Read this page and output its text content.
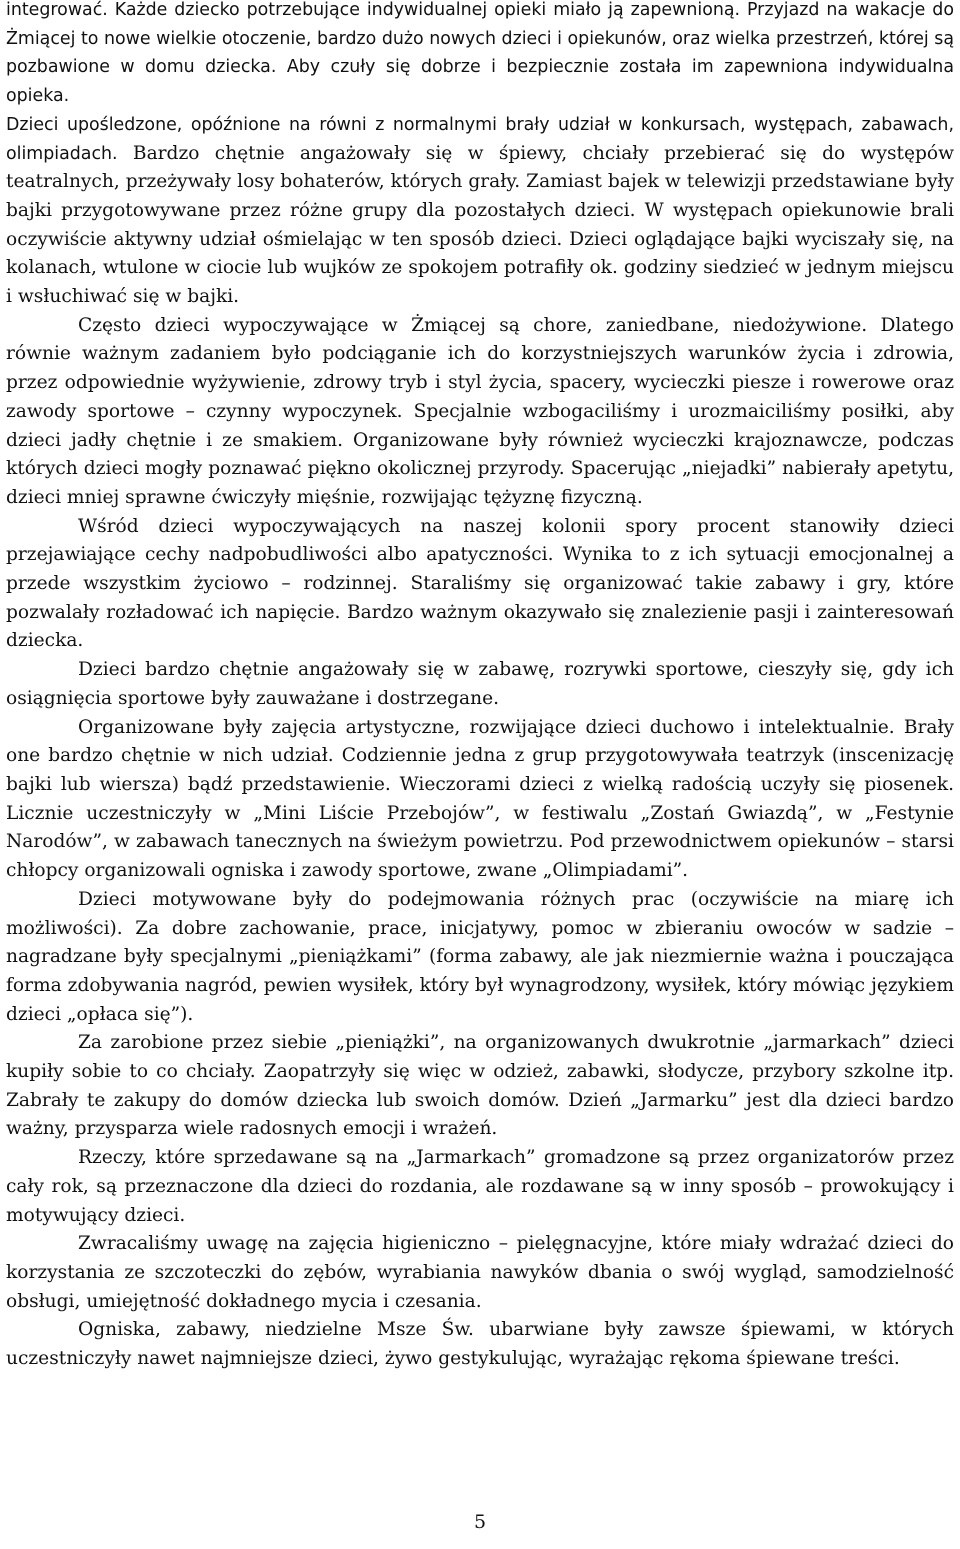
integrować. Każde dziecko potrzebujące indywidualnej opieki miało ją zapewnioną. Przyjazd na wakacje do Żmiącej to nowe wielkie otoczenie, bardzo dużo nowych dzieci i opiekunów, oraz wielka przestrzeń, której są pozbawione w domu dziecka. Aby czuły się dobrze i bezpiecznie została im zapewniona indywidualna opieka.

Dzieci upośledzone, opóźnione na równi z normalnymi brały udział w konkursach, występach, zabawach, olimpiadach. Bardzo chętnie angażowały się w śpiewy, chciały przebierać się do występów teatralnych, przeżywały losy bohaterów, których grały. Zamiast bajek w telewizji przedstawiane były bajki przygotowywane przez różne grupy dla pozostałych dzieci. W występach opiekunowie brali oczywiście aktywny udział ośmielając w ten sposób dzieci. Dzieci oglądające bajki wyciszały się, na kolanach, wtulone w ciocie lub wujków ze spokojem potrafiły ok. godziny siedzieć w jednym miejscu i wsłuchiwać się w bajki.

Często dzieci wypoczywające w Żmiącej są chore, zaniedbane, niedożywione. Dlatego równie ważnym zadaniem było podciąganie ich do korzystniejszych warunków życia i zdrowia, przez odpowiednie wyżywienie, zdrowy tryb i styl życia, spacery, wycieczki piesze i rowerowe oraz zawody sportowe – czynny wypoczynek. Specjalnie wzbogaciliśmy i urozmaiciliśmy posiłki, aby dzieci jadły chętnie i ze smakiem. Organizowane były również wycieczki krajoznawcze, podczas których dzieci mogły poznawać piękno okolicznej przyrody. Spacerując „niejadki” nabierały apetytu, dzieci mniej sprawne ćwiczyły mięśnie, rozwijając tężyznę fizyczną.

Wśród dzieci wypoczywających na naszej kolonii spory procent stanowiły dzieci przejawiające cechy nadpobudliwości albo apatyczności. Wynika to z ich sytuacji emocjonalnej a przede wszystkim życiowo – rodzinnej. Staraliśmy się organizować takie zabawy i gry, które pozwalały rozładować ich napięcie. Bardzo ważnym okazywało się znalezienie pasji i zainteresowań dziecka.

Dzieci bardzo chętnie angażowały się w zabawę, rozrywki sportowe, cieszyły się, gdy ich osiągnięcia sportowe były zauważane i dostrzegane.

Organizowane były zajęcia artystyczne, rozwijające dzieci duchowo i intelektualnie. Brały one bardzo chętnie w nich udział. Codziennie jedna z grup przygotowywała teatrzyk (inscenizację bajki lub wiersza) bądź przedstawienie. Wieczorami dzieci z wielką radością uczyły się piosenek. Licznie uczestniczyły w „Mini Liście Przebojów”, w festiwalu „Zostań Gwiazdą”, w „Festynie Narodów”, w zabawach tanecznych na świeżym powietrzu. Pod przewodnictwem opiekunów – starsi chłopcy organizowali ogniska i zawody sportowe, zwane „Olimpiadami”.

Dzieci motywowane były do podejmowania różnych prac (oczywiście na miarę ich możliwości). Za dobre zachowanie, prace, inicjatywy, pomoc w zbieraniu owoców w sadzie – nagradzane były specjalnymi „pieniążkami” (forma zabawy, ale jak niezmiernie ważna i pouczająca forma zdobywania nagród, pewien wysiłek, który był wynagrodzony, wysiłek, który mówiąc językiem dzieci „opłaca się”).

Za zarobione przez siebie „pieniążki”, na organizowanych dwukrotnie „jarmarkach” dzieci kupiły sobie to co chciały. Zaopatrzyły się więc w odzież, zabawki, słodycze, przybory szkolne itp. Zabrały te zakupy do domów dziecka lub swoich domów. Dzień „Jarmarku” jest dla dzieci bardzo ważny, przysparza wiele radosnych emocji i wrażeń.

Rzeczy, które sprzedawane są na „Jarmarkach” gromadzone są przez organizatorów przez cały rok, są przeznaczone dla dzieci do rozdania, ale rozdawane są w inny sposób – prowokujący i motywujący dzieci.

Zwracaliśmy uwagę na zajęcia higieniczno – pielęgnacyjne, które miały wdrażać dzieci do korzystania ze szczoteczki do zębów, wyrabiania nawyków dbania o swój wygląd, samodzielność obsługi, umiejętność dokładnego mycia i czesania.

Ogniska, zabawy, niedzielne Msze Św. ubarwiane były zawsze śpiewami, w których uczestniczyły nawet najmniejsze dzieci, żywo gestykulując, wyrażając rękoma śpiewane treści.

5
